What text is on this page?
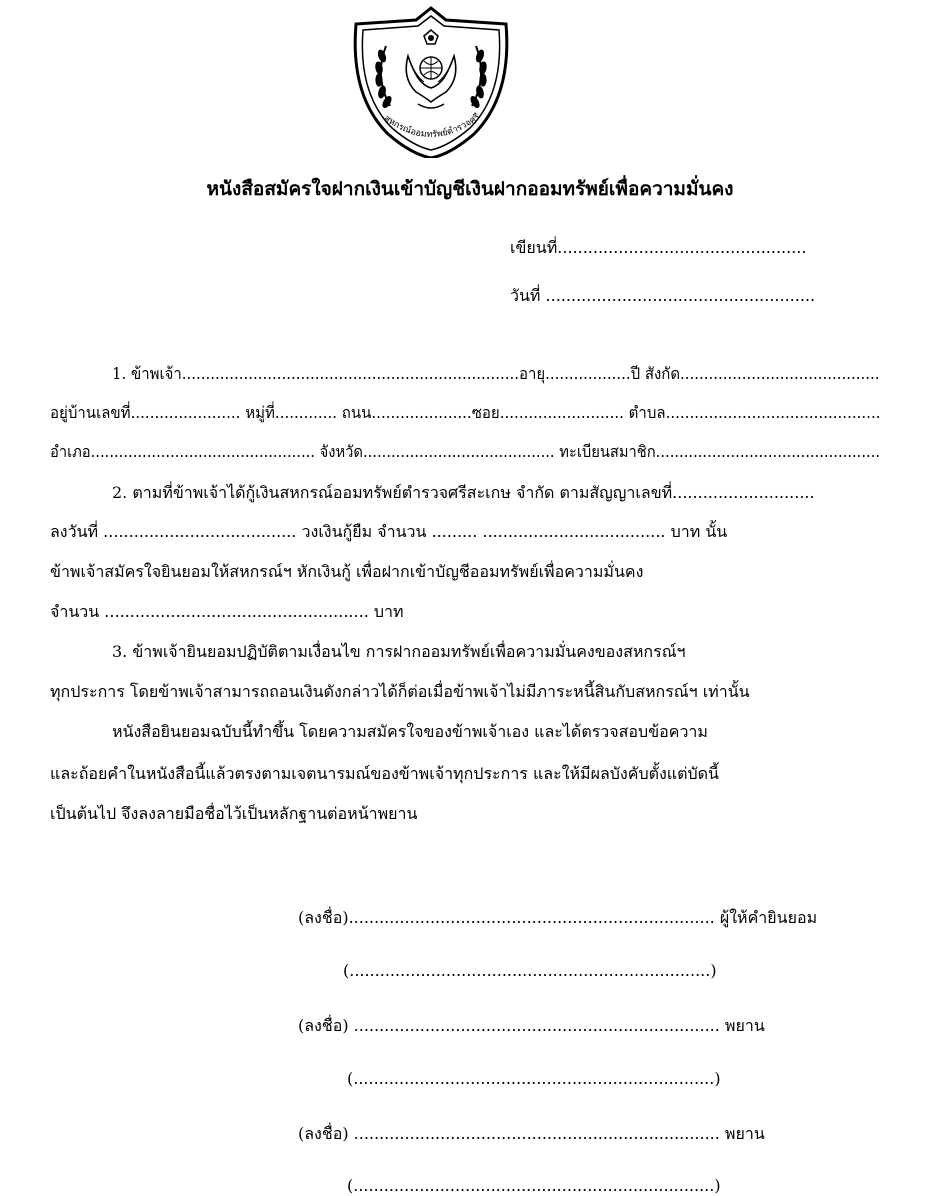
สหกรณ์ออมทรัพย์ตำรวจศรี
หนังสือสมัครใจฝากเงินเข้าบัญชีเงินฝากออมทรัพย์เพื่อความมั่นคง
เขียนที่.................................................
วันที่ .....................................................
1. ข้าพเจ้า.......................................................................อายุ..................ปี สังกัด..........................................
อยู่บ้านเลขที่....................... หมู่ที่............. ถนน.....................ซอย.......................... ตำบล.............................................
อำเภอ................................................ จังหวัด......................................... ทะเบียนสมาชิก................................................
2. ตามที่ข้าพเจ้าได้กู้เงินสหกรณ์ออมทรัพย์ตำรวจศรีสะเกษ จำกัด ตามสัญญาเลขที่............................
ลงวันที่ ...................................... วงเงินกู้ยืม จำนวน ......... .................................... บาท นั้น
ข้าพเจ้าสมัครใจยินยอมให้สหกรณ์ฯ หักเงินกู้ เพื่อฝากเข้าบัญชีออมทรัพย์เพื่อความมั่นคง
จำนวน .................................................... บาท
3. ข้าพเจ้ายินยอมปฏิบัติตามเงื่อนไข การฝากออมทรัพย์เพื่อความมั่นคงของสหกรณ์ฯ
ทุกประการ โดยข้าพเจ้าสามารถถอนเงินดังกล่าวได้ก็ต่อเมื่อข้าพเจ้าไม่มีภาระหนี้สินกับสหกรณ์ฯ เท่านั้น
หนังสือยินยอมฉบับนี้ทำขึ้น โดยความสมัครใจของข้าพเจ้าเอง และได้ตรวจสอบข้อความ
และถ้อยคำในหนังสือนี้แล้วตรงตามเจตนารมณ์ของข้าพเจ้าทุกประการ และให้มีผลบังคับตั้งแต่บัดนี้
เป็นต้นไป จึงลงลายมือชื่อไว้เป็นหลักฐานต่อหน้าพยาน
(ลงชื่อ)........................................................................ ผู้ให้คำยินยอม
(.......................................................................)
(ลงชื่อ) ........................................................................ พยาน
(.......................................................................)
(ลงชื่อ) ........................................................................ พยาน
(.......................................................................)
